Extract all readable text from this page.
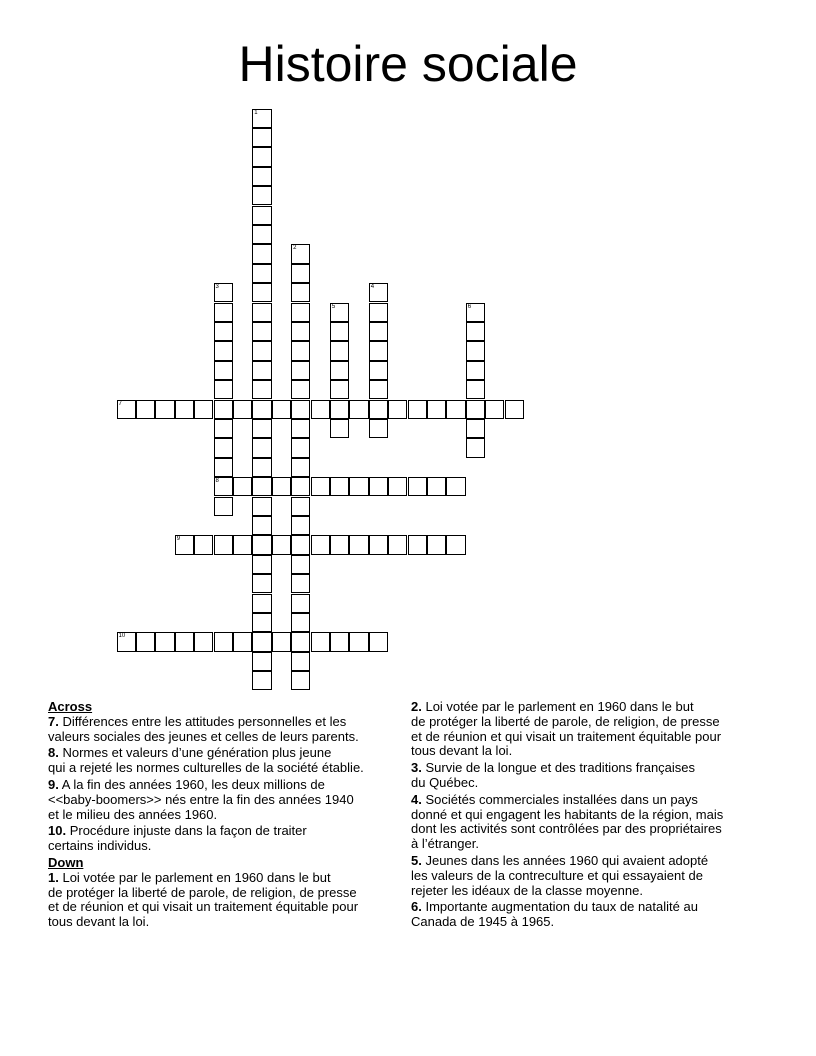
Histoire sociale
1
2
3
8
4
5	6
7
9
10
Across
7. Différences entre les attitudes personnelles et les
valeurs sociales des jeunes et celles de leurs parents.
8. Normes et valeurs d’une génération plus jeune
qui a rejeté les normes culturelles de la société établie.
9. A la fin des années 1960, les deux millions de
<<baby-boomers>> nés entre la fin des années 1940
et le milieu des années 1960.
10. Procédure injuste dans la façon de traiter
certains individus.
Down
1. Loi votée par le parlement en 1960 dans le but
de protéger la liberté de parole, de religion, de presse
et de réunion et qui visait un traitement équitable pour
tous devant la loi.
2. Loi votée par le parlement en 1960 dans le but
de protéger la liberté de parole, de religion, de presse
et de réunion et qui visait un traitement équitable pour
tous devant la loi.
3. Survie de la longue et des traditions françaises
du Québec.
4. Sociétés commerciales installées dans un pays
donné et qui engagent les habitants de la région, mais
dont les activités sont contrôlées par des propriétaires
à l’étranger.
5. Jeunes dans les années 1960 qui avaient adopté
les valeurs de la contreculture et qui essayaient de
rejeter les idéaux de la classe moyenne.
6. Importante augmentation du taux de natalité au
Canada de 1945 à 1965.
